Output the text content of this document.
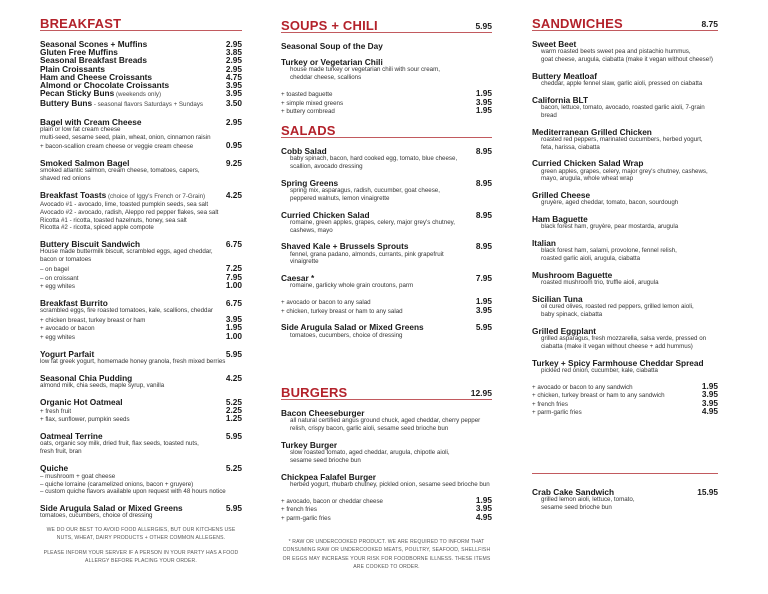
BREAKFAST
Seasonal Scones + Muffins	2.95
Gluten Free Muffins	3.85
Seasonal Breakfast Breads	2.95
Plain Croissants	2.95
Ham and Cheese Croissants	4.75
Almond or Chocolate Croissants	3.95
Pecan Sticky Buns (weekends only)	3.95
Buttery Buns - seasonal flavors Saturdays + Sundays	3.50
Bagel with Cream Cheese	2.95
plain or low fat cream cheese
multi-seed, sesame seed, plain, wheat, onion, cinnamon raisin
+ bacon-scallion cream cheese or veggie cream cheese	0.95
Smoked Salmon Bagel	9.25
smoked atlantic salmon, cream cheese, tomatoes, capers,
shaved red onions
Breakfast Toasts (choice of Iggy's French or 7-Grain)	4.25
Avocado #1 - avocado, lime, toasted pumpkin seeds, sea salt
Avocado #2 - avocado, radish, Aleppo red pepper flakes, sea salt
Ricotta #1 - ricotta, toasted hazelnuts, honey, sea salt
Ricotta #2 - ricotta, spiced apple compote
Buttery Biscuit Sandwich	6.75
House made buttermilk biscuit, scrambled eggs, aged cheddar,
bacon or tomatoes
– on bagel	7.25
– on croissant	7.95
+ egg whites	1.00
Breakfast Burrito	6.75
scrambled eggs, fire roasted tomatoes, kale, scallions, cheddar
+ chicken breast, turkey breast or ham	3.95
+ avocado or bacon	1.95
+ egg whites	1.00
Yogurt Parfait	5.95
low fat greek yogurt, homemade honey granola, fresh mixed berries
Seasonal Chia Pudding	4.25
almond milk, chia seeds, maple syrup, vanilla
Organic Hot Oatmeal	5.25
+ fresh fruit	2.25
+ flax, sunflower, pumpkin seeds	1.25
Oatmeal Terrine	5.95
oats, organic soy milk, dried fruit, flax seeds, toasted nuts,
fresh fruit, bran
Quiche	5.25
– mushroom + goat cheese
– quiche lorraine (caramelized onions, bacon + gruyere)
– custom quiche flavors available upon request with 48 hours notice
Side Arugula Salad or Mixed Greens	5.95
tomatoes, cucumbers, choice of dressing
SOUPS + CHILI	5.95
Seasonal Soup of the Day
Turkey or Vegetarian Chili
house made turkey or vegetarian chili with sour cream,
cheddar cheese, scallions
+ toasted baguette	1.95
+ simple mixed greens	3.95
+ buttery cornbread	1.95
SALADS
Cobb Salad	8.95
baby spinach, bacon, hard cooked egg, tomato, blue cheese,
scallion, avocado dressing
Spring Greens	8.95
spring mix, asparagus, radish, cucumber, goat cheese,
peppered walnuts, lemon vinaigrette
Curried Chicken Salad	8.95
romaine, green apples, grapes, celery, major grey's chutney,
cashews, mayo
Shaved Kale + Brussels Sprouts	8.95
fennel, grana padano, almonds, currants, pink grapefruit
vinaigrette
Caesar *	7.95
romaine, garlicky whole grain croutons, parm
+ avocado or bacon to any salad	1.95
+ chicken, turkey breast or ham to any salad	3.95
Side Arugula Salad or Mixed Greens	5.95
tomatoes, cucumbers, choice of dressing
BURGERS	12.95
Bacon Cheeseburger
all natural certified angus ground chuck, aged cheddar, cherry pepper
relish, crispy bacon, garlic aioli, sesame seed brioche bun
Turkey Burger
slow roasted tomato, aged cheddar, arugula, chipotle aioli,
sesame seed brioche bun
Chickpea Falafel Burger
herbed yogurt, rhubarb chutney, pickled onion, sesame seed brioche bun
+ avocado, bacon or cheddar cheese	1.95
+ french fries	3.95
+ parm-garlic fries	4.95
SANDWICHES	8.75
Sweet Beet
warm roasted beets sweet pea and pistachio hummus,
goat cheese, arugula, ciabatta (make it vegan without cheese!)
Buttery Meatloaf
cheddar, apple fennel slaw, garlic aioli, pressed on ciabatta
California BLT
bacon, lettuce, tomato, avocado, roasted garlic aioli, 7-grain bread
Mediterranean Grilled Chicken
roasted red peppers, marinated cucumbers, herbed yogurt,
feta, harissa, ciabatta
Curried Chicken Salad Wrap
green apples, grapes, celery, major grey's chutney, cashews,
mayo, arugula, whole wheat wrap
Grilled Cheese
gruyère, aged cheddar, tomato, bacon, sourdough
Ham Baguette
black forest ham, gruyère, pear mostarda, arugula
Italian
black forest ham, salami, provolone, fennel relish,
roasted garlic aioli, arugula, ciabatta
Mushroom Baguette
roasted mushroom trio, truffle aioli, arugula
Sicilian Tuna
oil cured olives, roasted red peppers, grilled lemon aioli,
baby spinack, ciabatta
Grilled Eggplant
grilled asparagus, fresh mozzarella, salsa verde, pressed on
ciabatta (make it vegan without cheese + add hummus)
Turkey + Spicy Farmhouse Cheddar Spread
pickled red onion, cucumber, kale, ciabatta
+ avocado or bacon to any sandwich	1.95
+ chicken, turkey breast or ham to any sandwich	3.95
+ french fries	3.95
+ parm-garlic fries	4.95
Crab Cake Sandwich	15.95
grilled lemon aioli, lettuce, tomato,
sesame seed brioche bun

WE DO OUR BEST TO AVOID FOOD ALLERGIES, BUT OUR KITCHENS USE NUTS, WHEAT, DAIRY PRODUCTS + OTHER COMMON ALLEGENS.

PLEASE INFORM YOUR SERVER IF A PERSON IN YOUR PARTY HAS A FOOD ALLERGY BEFORE PLACING YOUR ORDER.

* RAW OR UNDERCOOKED PRODUCT. WE ARE REQUIRED TO INFORM THAT CONSUMING RAW OR UNDERCOOKED MEATS, POULTRY, SEAFOOD, SHELLFISH OR EGGS MAY INCREASE YOUR RISK FOR FOODBORNE ILLNESS. THESE ITEMS ARE COOKED TO ORDER.
